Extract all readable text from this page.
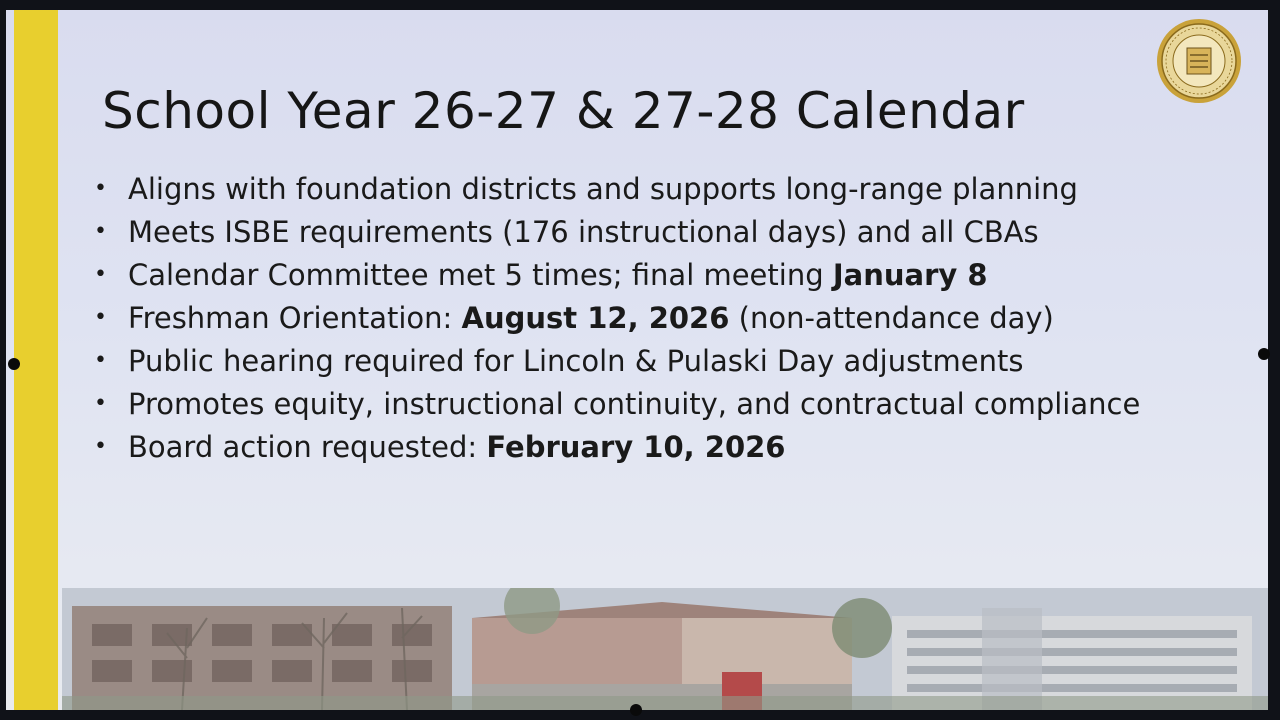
School Year 26-27 & 27-28 Calendar
• Aligns with foundation districts and supports long-range planning
• Meets ISBE requirements (176 instructional days) and all CBAs
• Calendar Committee met 5 times; final meeting January 8
• Freshman Orientation: August 12, 2026 (non-attendance day)
• Public hearing required for Lincoln & Pulaski Day adjustments
• Promotes equity, instructional continuity, and contractual compliance
• Board action requested: February 10, 2026
